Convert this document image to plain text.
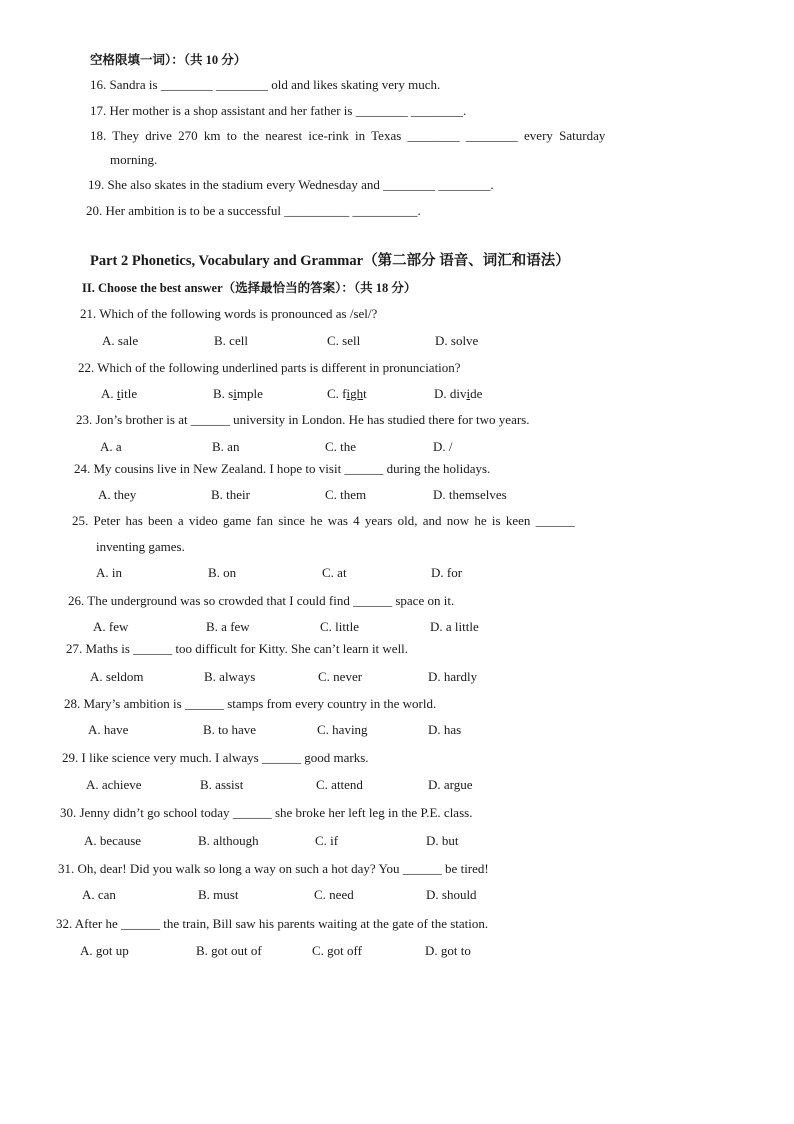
空格限填一词）：（共 10 分）
16. Sandra is ________ ________ old and likes skating very much.
17. Her mother is a shop assistant and her father is ________ ________.
18. They drive 270 km to the nearest ice-rink in Texas ________ ________ every Saturday
morning.
19. She also skates in the stadium every Wednesday and ________ ________.
20. Her ambition is to be a successful __________ __________.
Part 2 Phonetics, Vocabulary and Grammar（第二部分 语音、词汇和语法）
II. Choose the best answer（选择最恰当的答案）：（共 18 分）
21. Which of the following words is pronounced as /sel/?
A. sale	B. cell	C. sell	D. solve
22. Which of the following underlined parts is different in pronunciation?
A. title	B. simple	C. fight	D. divide
23. Jon’s brother is at ______ university in London. He has studied there for two years.
A. a	B. an	C. the	D. /
24. My cousins live in New Zealand. I hope to visit ______ during the holidays.
A. they	B. their	C. them	D. themselves
25. Peter has been a video game fan since he was 4 years old, and now he is keen ______
inventing games.
A. in	B. on	C. at	D. for
26. The underground was so crowded that I could find ______ space on it.
A. few	B. a few	C. little	D. a little
27. Maths is ______ too difficult for Kitty. She can’t learn it well.
A. seldom	B. always	C. never	D. hardly
28. Mary’s ambition is ______ stamps from every country in the world.
A. have	B. to have	C. having	D. has
29. I like science very much. I always ______ good marks.
A. achieve	B. assist	C. attend	D. argue
30. Jenny didn’t go school today ______ she broke her left leg in the P.E. class.
A. because	B. although	C. if	D. but
31. Oh, dear! Did you walk so long a way on such a hot day? You ______ be tired!
A. can	B. must	C. need	D. should
32. After he ______ the train, Bill saw his parents waiting at the gate of the station.
A. got up	B. got out of	C. got off	D. got to
